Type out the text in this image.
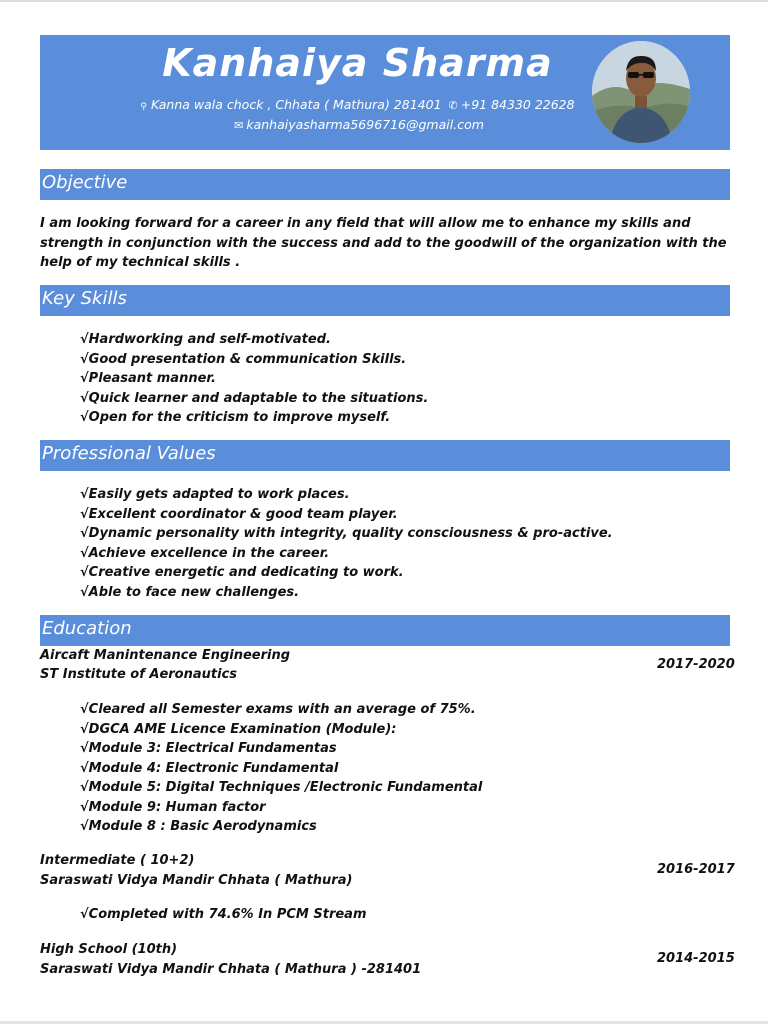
Kanhaiya Sharma
⚲ Kanna wala chock , Chhata ( Mathura) 281401 ✆ +91 84330 22628
✉ kanhaiyasharma5696716@gmail.com
Objective
I am looking forward for a career in any field that will allow me to enhance my skills and strength in conjunction with the success and add to the goodwill of the organization with the help of my technical skills .
Key Skills
√ Hardworking and self-motivated.
√ Good presentation & communication Skills.
√ Pleasant manner.
√ Quick learner and adaptable to the situations.
√ Open for the criticism to improve myself.
Professional Values
√ Easily gets adapted to work places.
√ Excellent coordinator & good team player.
√ Dynamic personality with integrity, quality consciousness & pro-active.
√ Achieve excellence in the career.
√ Creative energetic and dedicating to work.
√ Able to face new challenges.
Education
Aircaft Manintenance Engineering
ST Institute of Aeronautics
2017-2020
√ Cleared all Semester exams with an average of 75%.
√ DGCA AME Licence Examination (Module):
√ Module 3: Electrical Fundamentas
√ Module 4: Electronic Fundamental
√ Module 5: Digital Techniques /Electronic Fundamental
√ Module 9: Human factor
√ Module 8 : Basic Aerodynamics
Intermediate ( 10+2)
Saraswati Vidya Mandir Chhata ( Mathura)
2016-2017
√ Completed with 74.6% In PCM Stream
High School (10th)
Saraswati Vidya Mandir Chhata ( Mathura ) -281401
2014-2015
